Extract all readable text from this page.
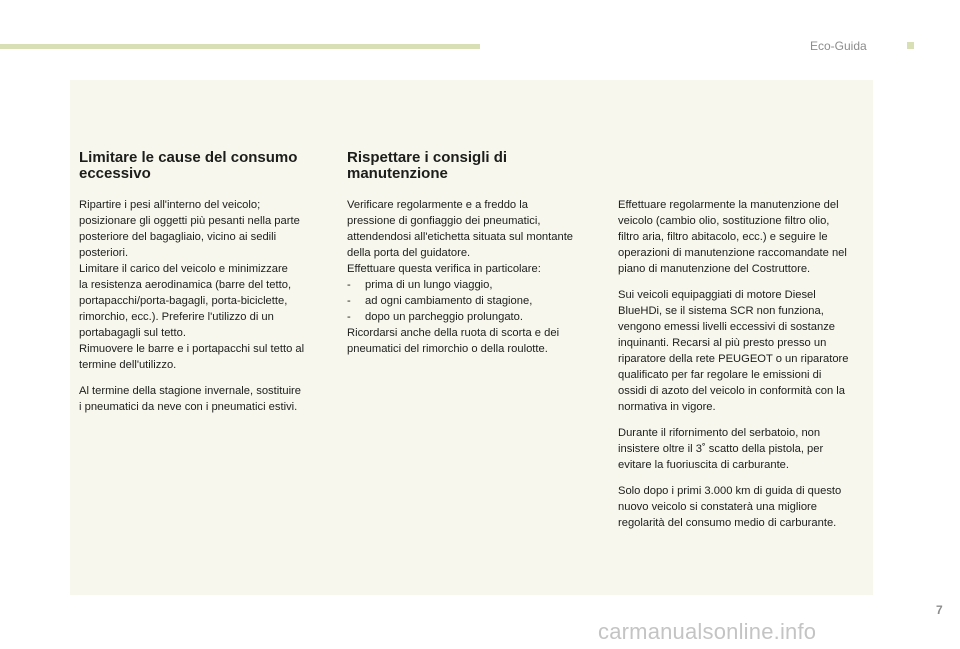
Eco-Guida
Limitare le cause del consumo eccessivo

Ripartire i pesi all'interno del veicolo;
posizionare gli oggetti più pesanti nella parte
posteriore del bagagliaio, vicino ai sedili
posteriori.
Limitare il carico del veicolo e minimizzare
la resistenza aerodinamica (barre del tetto,
portapacchi/porta-bagagli, porta-biciclette,
rimorchio, ecc.). Preferire l'utilizzo di un
portabagagli sul tetto.
Rimuovere le barre e i portapacchi sul tetto al
termine dell'utilizzo.

Al termine della stagione invernale, sostituire
i pneumatici da neve con i pneumatici estivi.

Rispettare i consigli di manutenzione

Verificare regolarmente e a freddo la
pressione di gonfiaggio dei pneumatici,
attendendosi all'etichetta situata sul montante
della porta del guidatore.
Effettuare questa verifica in particolare:

- prima di un lungo viaggio,
- ad ogni cambiamento di stagione,
- dopo un parcheggio prolungato.

Ricordarsi anche della ruota di scorta e dei
pneumatici del rimorchio o della roulotte.

Effettuare regolarmente la manutenzione del
veicolo (cambio olio, sostituzione filtro olio,
filtro aria, filtro abitacolo, ecc.) e seguire le
operazioni di manutenzione raccomandate nel
piano di manutenzione del Costruttore.

Sui veicoli equipaggiati di motore Diesel
BlueHDi, se il sistema SCR non funziona,
vengono emessi livelli eccessivi di sostanze
inquinanti. Recarsi al più presto presso un
riparatore della rete PEUGEOT o un riparatore
qualificato per far regolare le emissioni di
ossidi di azoto del veicolo in conformità con la
normativa in vigore.

Durante il rifornimento del serbatoio, non
insistere oltre il 3˚ scatto della pistola, per
evitare la fuoriuscita di carburante.

Solo dopo i primi 3.000 km di guida di questo
nuovo veicolo si constaterà una migliore
regolarità del consumo medio di carburante.

7
carmanualsonline.info
